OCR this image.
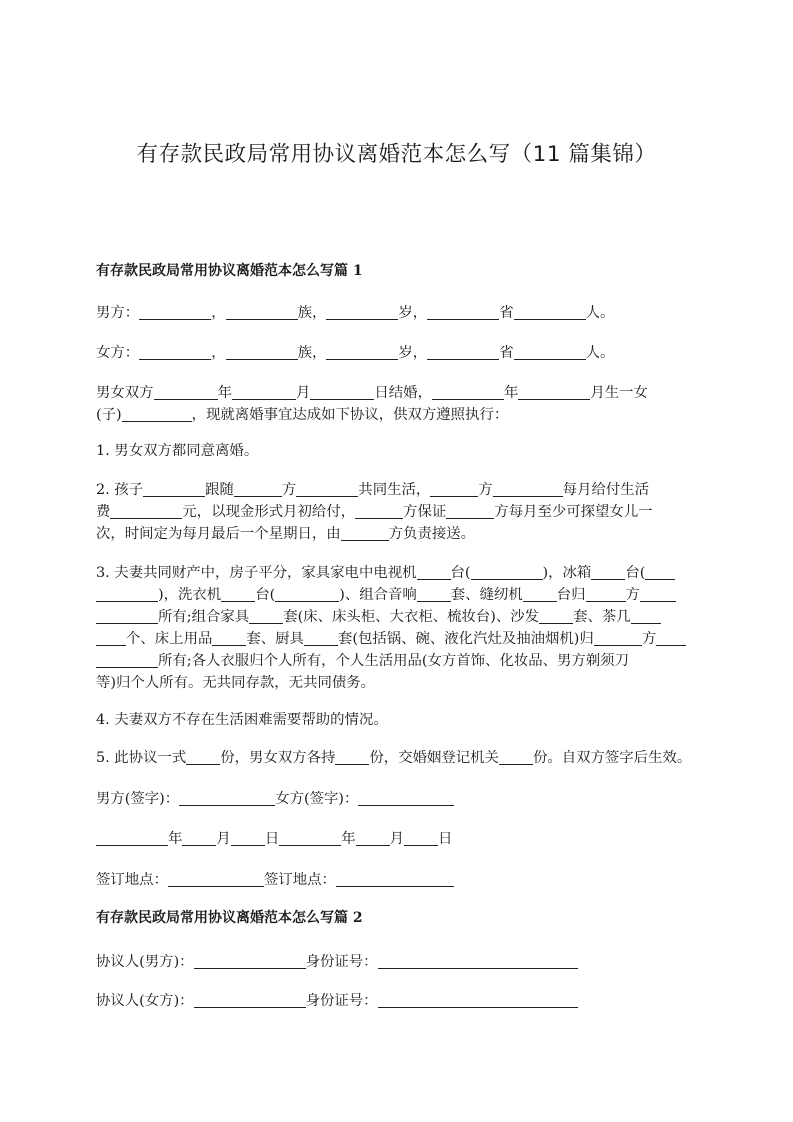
有存款民政局常用协议离婚范本怎么写（11 篇集锦）
有存款民政局常用协议离婚范本怎么写篇 1
男方：	，	族，	岁，	省	人。
女方：	，	族，	岁，	省	人。
男女双方	年	月	日结婚，	年	月生一女
(子)	，现就离婚事宜达成如下协议，供双方遵照执行：
1. 男女双方都同意离婚。
2. 孩子	跟随	方	共同生活，	方	每月给付生活
费	元，以现金形式月初给付，	方保证	方每月至少可探望女儿一
次，时间定为每月最后一个星期日，由	方负责接送。
3. 夫妻共同财产中，房子平分，家具家电中电视机 台(	)，冰箱 台(
)，洗衣机 台(	)、组合音响 套、缝纫机 台归	方
所有;组合家具 套(床、床头柜、大衣柜、梳妆台)、沙发 套、茶几
个、床上用品 套、厨具 套(包括锅、碗、液化汽灶及抽油烟机)归	方
所有;各人衣服归个人所有，个人生活用品(女方首饰、化妆品、男方剃须刀
等)归个人所有。无共同存款，无共同债务。
4. 夫妻双方不存在生活困难需要帮助的情况。
5. 此协议一式 份，男女双方各持 份，交婚姻登记机关 份。自双方签字后生效。
男方(签字)：	女方(签字)：
年 月 日	年 月 日
签订地点：	签订地点：
有存款民政局常用协议离婚范本怎么写篇 2
协议人(男方)：	身份证号：
协议人(女方)：	身份证号：
